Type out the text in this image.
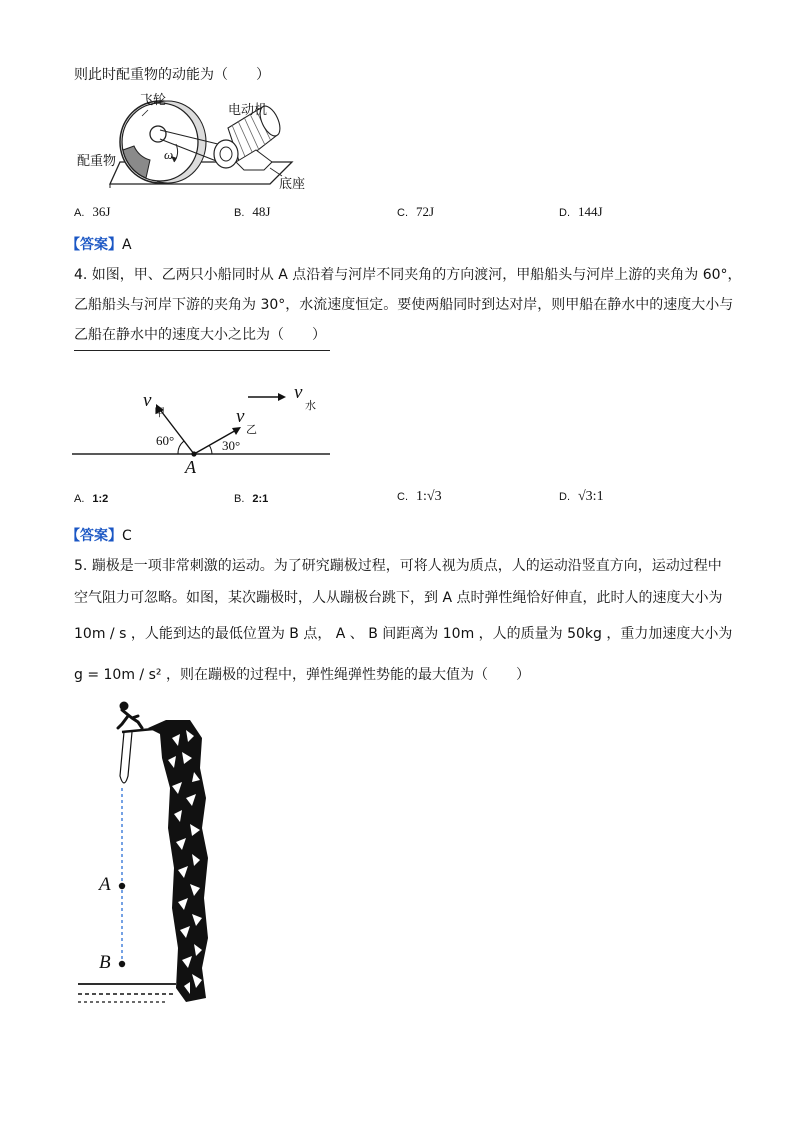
则此时配重物的动能为（　　）
飞轮
电动机
配重物	ω
底座
A. 36J	B. 48J	C. 72J	D. 144J
【答案】A
4. 如图，甲、乙两只小船同时从 A 点沿着与河岸不同夹角的方向渡河，甲船船头与河岸上游的夹角为 60°，
乙船船头与河岸下游的夹角为 30°，水流速度恒定。要使两船同时到达对岸，则甲船在静水中的速度大小与
乙船在静水中的速度大小之比为（　　）
v
甲	v
乙
v
水
60°	30°
A
A. 1:2	B. 2:1	C. 1:√3	D. √3:1
【答案】C
5. 蹦极是一项非常刺激的运动。为了研究蹦极过程，可将人视为质点，人的运动沿竖直方向，运动过程中
空气阻力可忽略。如图，某次蹦极时，人从蹦极台跳下，到 A 点时弹性绳恰好伸直，此时人的速度大小为
10m / s ，人能到达的最低位置为 B 点， A 、 B 间距离为 10m ，人的质量为 50kg ，重力加速度大小为
g = 10m / s² ，则在蹦极的过程中，弹性绳弹性势能的最大值为（　　）
A
B
